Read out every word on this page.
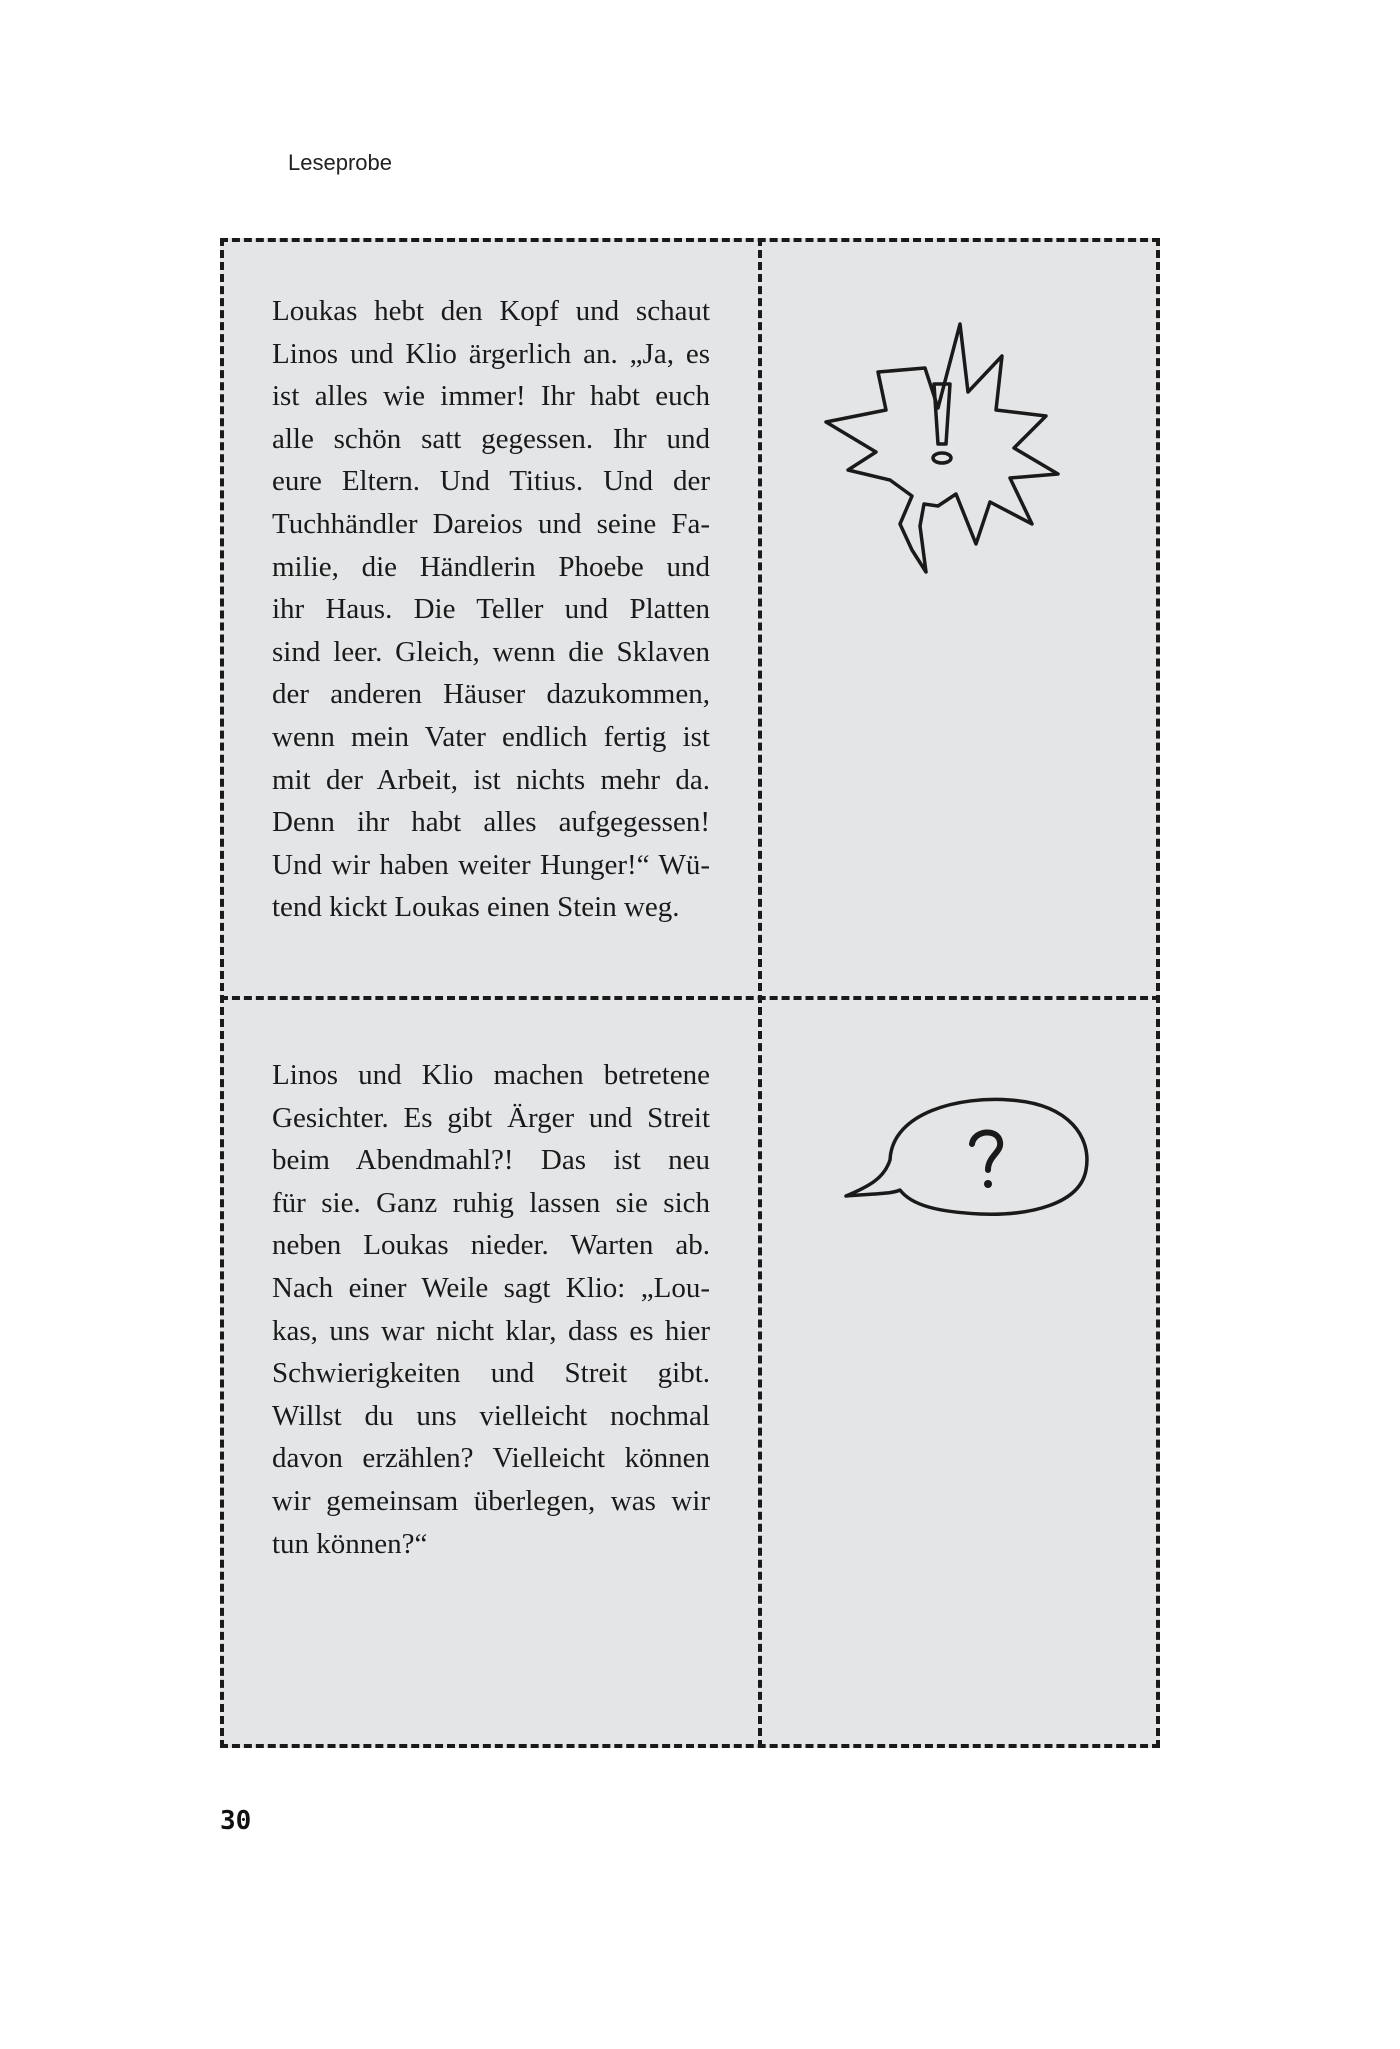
Leseprobe
Loukas hebt den Kopf und schaut
Linos und Klio ärgerlich an. „Ja, es
ist alles wie immer! Ihr habt euch
alle schön satt gegessen. Ihr und
eure Eltern. Und Titius. Und der
Tuchhändler Dareios und seine Fa-
milie, die Händlerin Phoebe und
ihr Haus. Die Teller und Platten
sind leer. Gleich, wenn die Sklaven
der anderen Häuser dazukommen,
wenn mein Vater endlich fertig ist
mit der Arbeit, ist nichts mehr da.
Denn ihr habt alles aufgegessen!
Und wir haben weiter Hunger!“ Wü-
tend kickt Loukas einen Stein weg.
Linos und Klio machen betretene
Gesichter. Es gibt Ärger und Streit
beim Abendmahl?! Das ist neu
für sie. Ganz ruhig lassen sie sich
neben Loukas nieder. Warten ab.
Nach einer Weile sagt Klio: „Lou-
kas, uns war nicht klar, dass es hier
Schwierigkeiten und Streit gibt.
Willst du uns vielleicht nochmal
davon erzählen? Vielleicht können
wir gemeinsam überlegen, was wir
tun können?“
30
